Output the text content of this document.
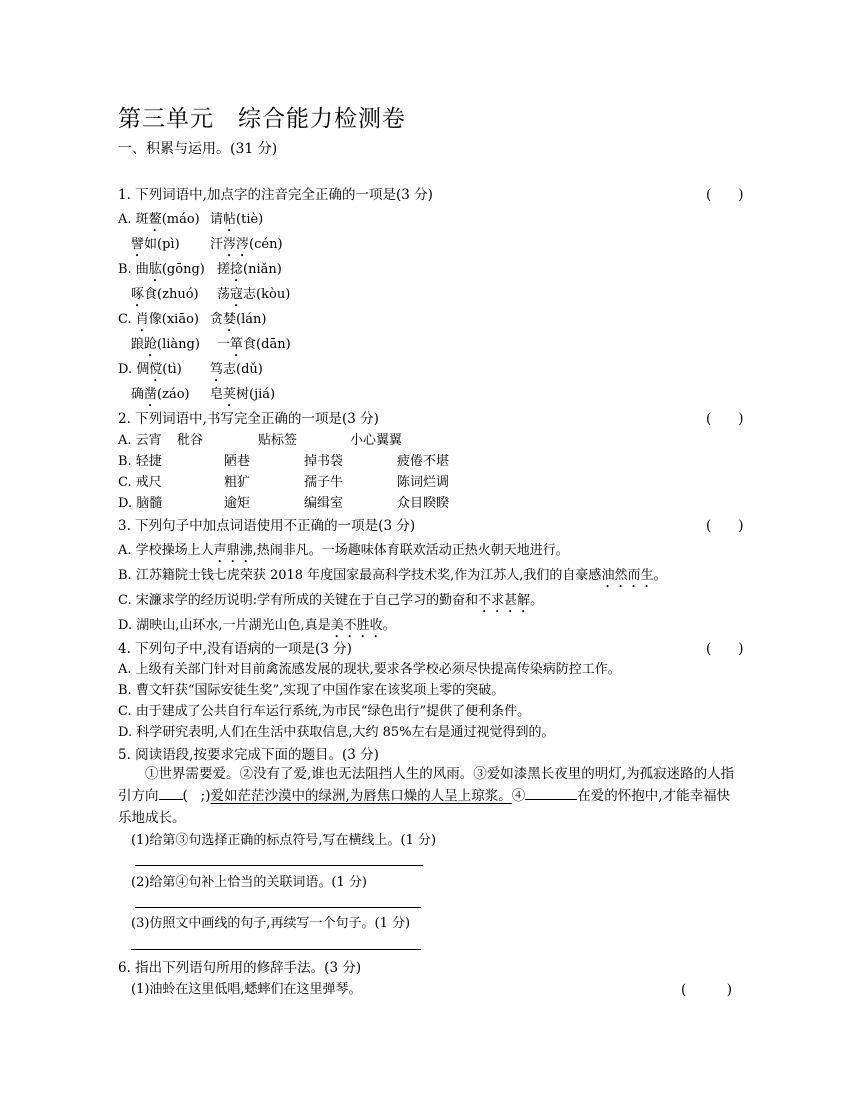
第三单元　综合能力检测卷
一、积累与运用。(31 分)
1. 下列词语中,加点字的注音完全正确的一项是(3 分)	(　　)
A. 斑鳌(máo) 请帖(tiè)
譬如(pì) 汗涔涔(cén)
B. 曲肱(gōng) 搓捻(niǎn)
啄食(zhuó) 荡寇志(kòu)
C. 肖像(xiāo) 贪婪(lán)
踉跄(liàng) 一箪食(dān)
D. 倜傥(tì) 笃志(dǔ)
确凿(záo) 皂荚树(jiá)
2. 下列词语中,书写完全正确的一项是(3 分)	(　　)
A. 云宵 秕谷	贴标签	小心翼翼
B. 轻捷	陋巷	掉书袋	疲倦不堪
C. 戒尺	粗犷	孺子牛	陈词烂调
D. 脑髓	逾矩	编缉室	众目睽睽
3. 下列句子中加点词语使用不正确的一项是(3 分)	(　　)
A. 学校操场上人声鼎沸,热闹非凡。一场趣味体育联欢活动正热火朝天地进行。
B. 江苏籍院士钱七虎荣获 2018 年度国家最高科学技术奖,作为江苏人,我们的自豪感油然而生。
C. 宋濂求学的经历说明:学有所成的关键在于自己学习的勤奋和不求甚解。
D. 湖映山,山环水,一片湖光山色,真是美不胜收。
4. 下列句子中,没有语病的一项是(3 分)	(　　)
A. 上级有关部门针对目前禽流感发展的现状,要求各学校必须尽快提高传染病防控工作。
B. 曹文轩获“国际安徒生奖”,实现了中国作家在该奖项上零的突破。
C. 由于建成了公共自行车运行系统,为市民“绿色出行”提供了便利条件。
D. 科学研究表明,人们在生活中获取信息,大约 85%左右是通过视觉得到的。
5. 阅读语段,按要求完成下面的题目。(3 分)
①世界需要爱。②没有了爱,谁也无法阻挡人生的风雨。③爱如漆黑长夜里的明灯,为孤寂迷路的人指引方向 ( ;)爱如茫茫沙漠中的绿洲,为唇焦口燥的人呈上琼浆。④	在爱的怀抱中,才能幸福快乐地成长。
(1)给第③句选择正确的标点符号,写在横线上。(1 分)
(2)给第④句补上恰当的关联词语。(1 分)
(3)仿照文中画线的句子,再续写一个句子。(1 分)
6. 指出下列语句所用的修辞手法。(3 分)
(1)油蛉在这里低唱,蟋蟀们在这里弹琴。	(　　　)
